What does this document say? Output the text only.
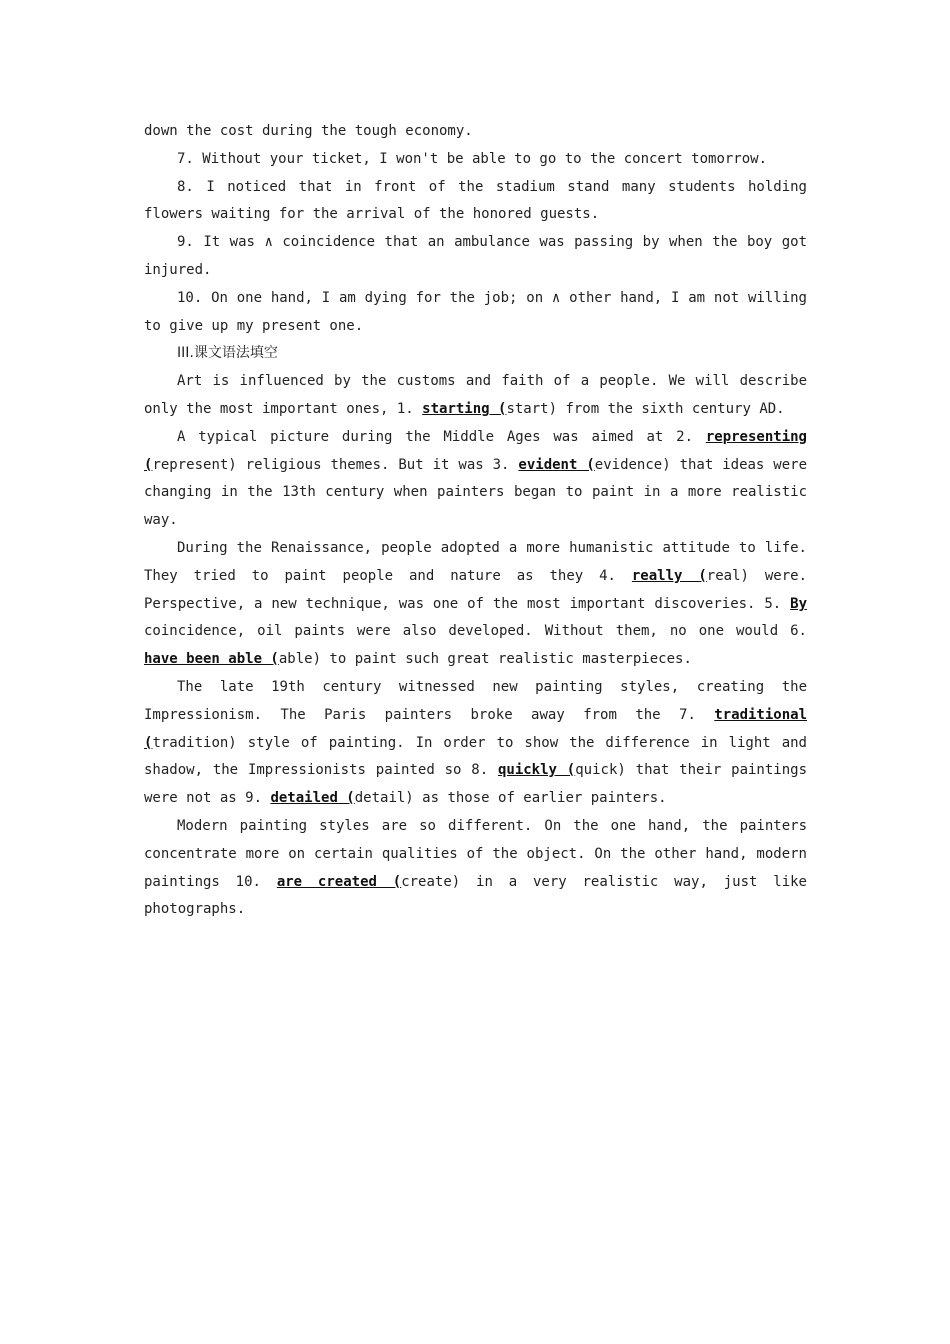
down the cost during the tough economy.

7. Without your ticket, I won't be able to go to the concert tomorrow.

8. I noticed that in front of the stadium stand many students holding flowers waiting for the arrival of the honored guests.

9. It was ∧ coincidence that an ambulance was passing by when the boy got injured.

10. On one hand, I am dying for the job; on ∧ other hand, I am not willing to give up my present one.

III.课文语法填空

Art is influenced by the customs and faith of a people. We will describe only the most important ones, 1. starting (start) from the sixth century AD.

A typical picture during the Middle Ages was aimed at 2. representing (represent) religious themes. But it was 3. evident (evidence) that ideas were changing in the 13th century when painters began to paint in a more realistic way.

During the Renaissance, people adopted a more humanistic attitude to life. They tried to paint people and nature as they 4. really (real) were. Perspective, a new technique, was one of the most important discoveries. 5. By coincidence, oil paints were also developed. Without them, no one would 6. have been able (able) to paint such great realistic masterpieces.

The late 19th century witnessed new painting styles, creating the Impressionism. The Paris painters broke away from the 7. traditional (tradition) style of painting. In order to show the difference in light and shadow, the Impressionists painted so 8. quickly (quick) that their paintings were not as 9. detailed (detail) as those of earlier painters.

Modern painting styles are so different. On the one hand, the painters concentrate more on certain qualities of the object. On the other hand, modern paintings 10. are created (create) in a very realistic way, just like photographs.
